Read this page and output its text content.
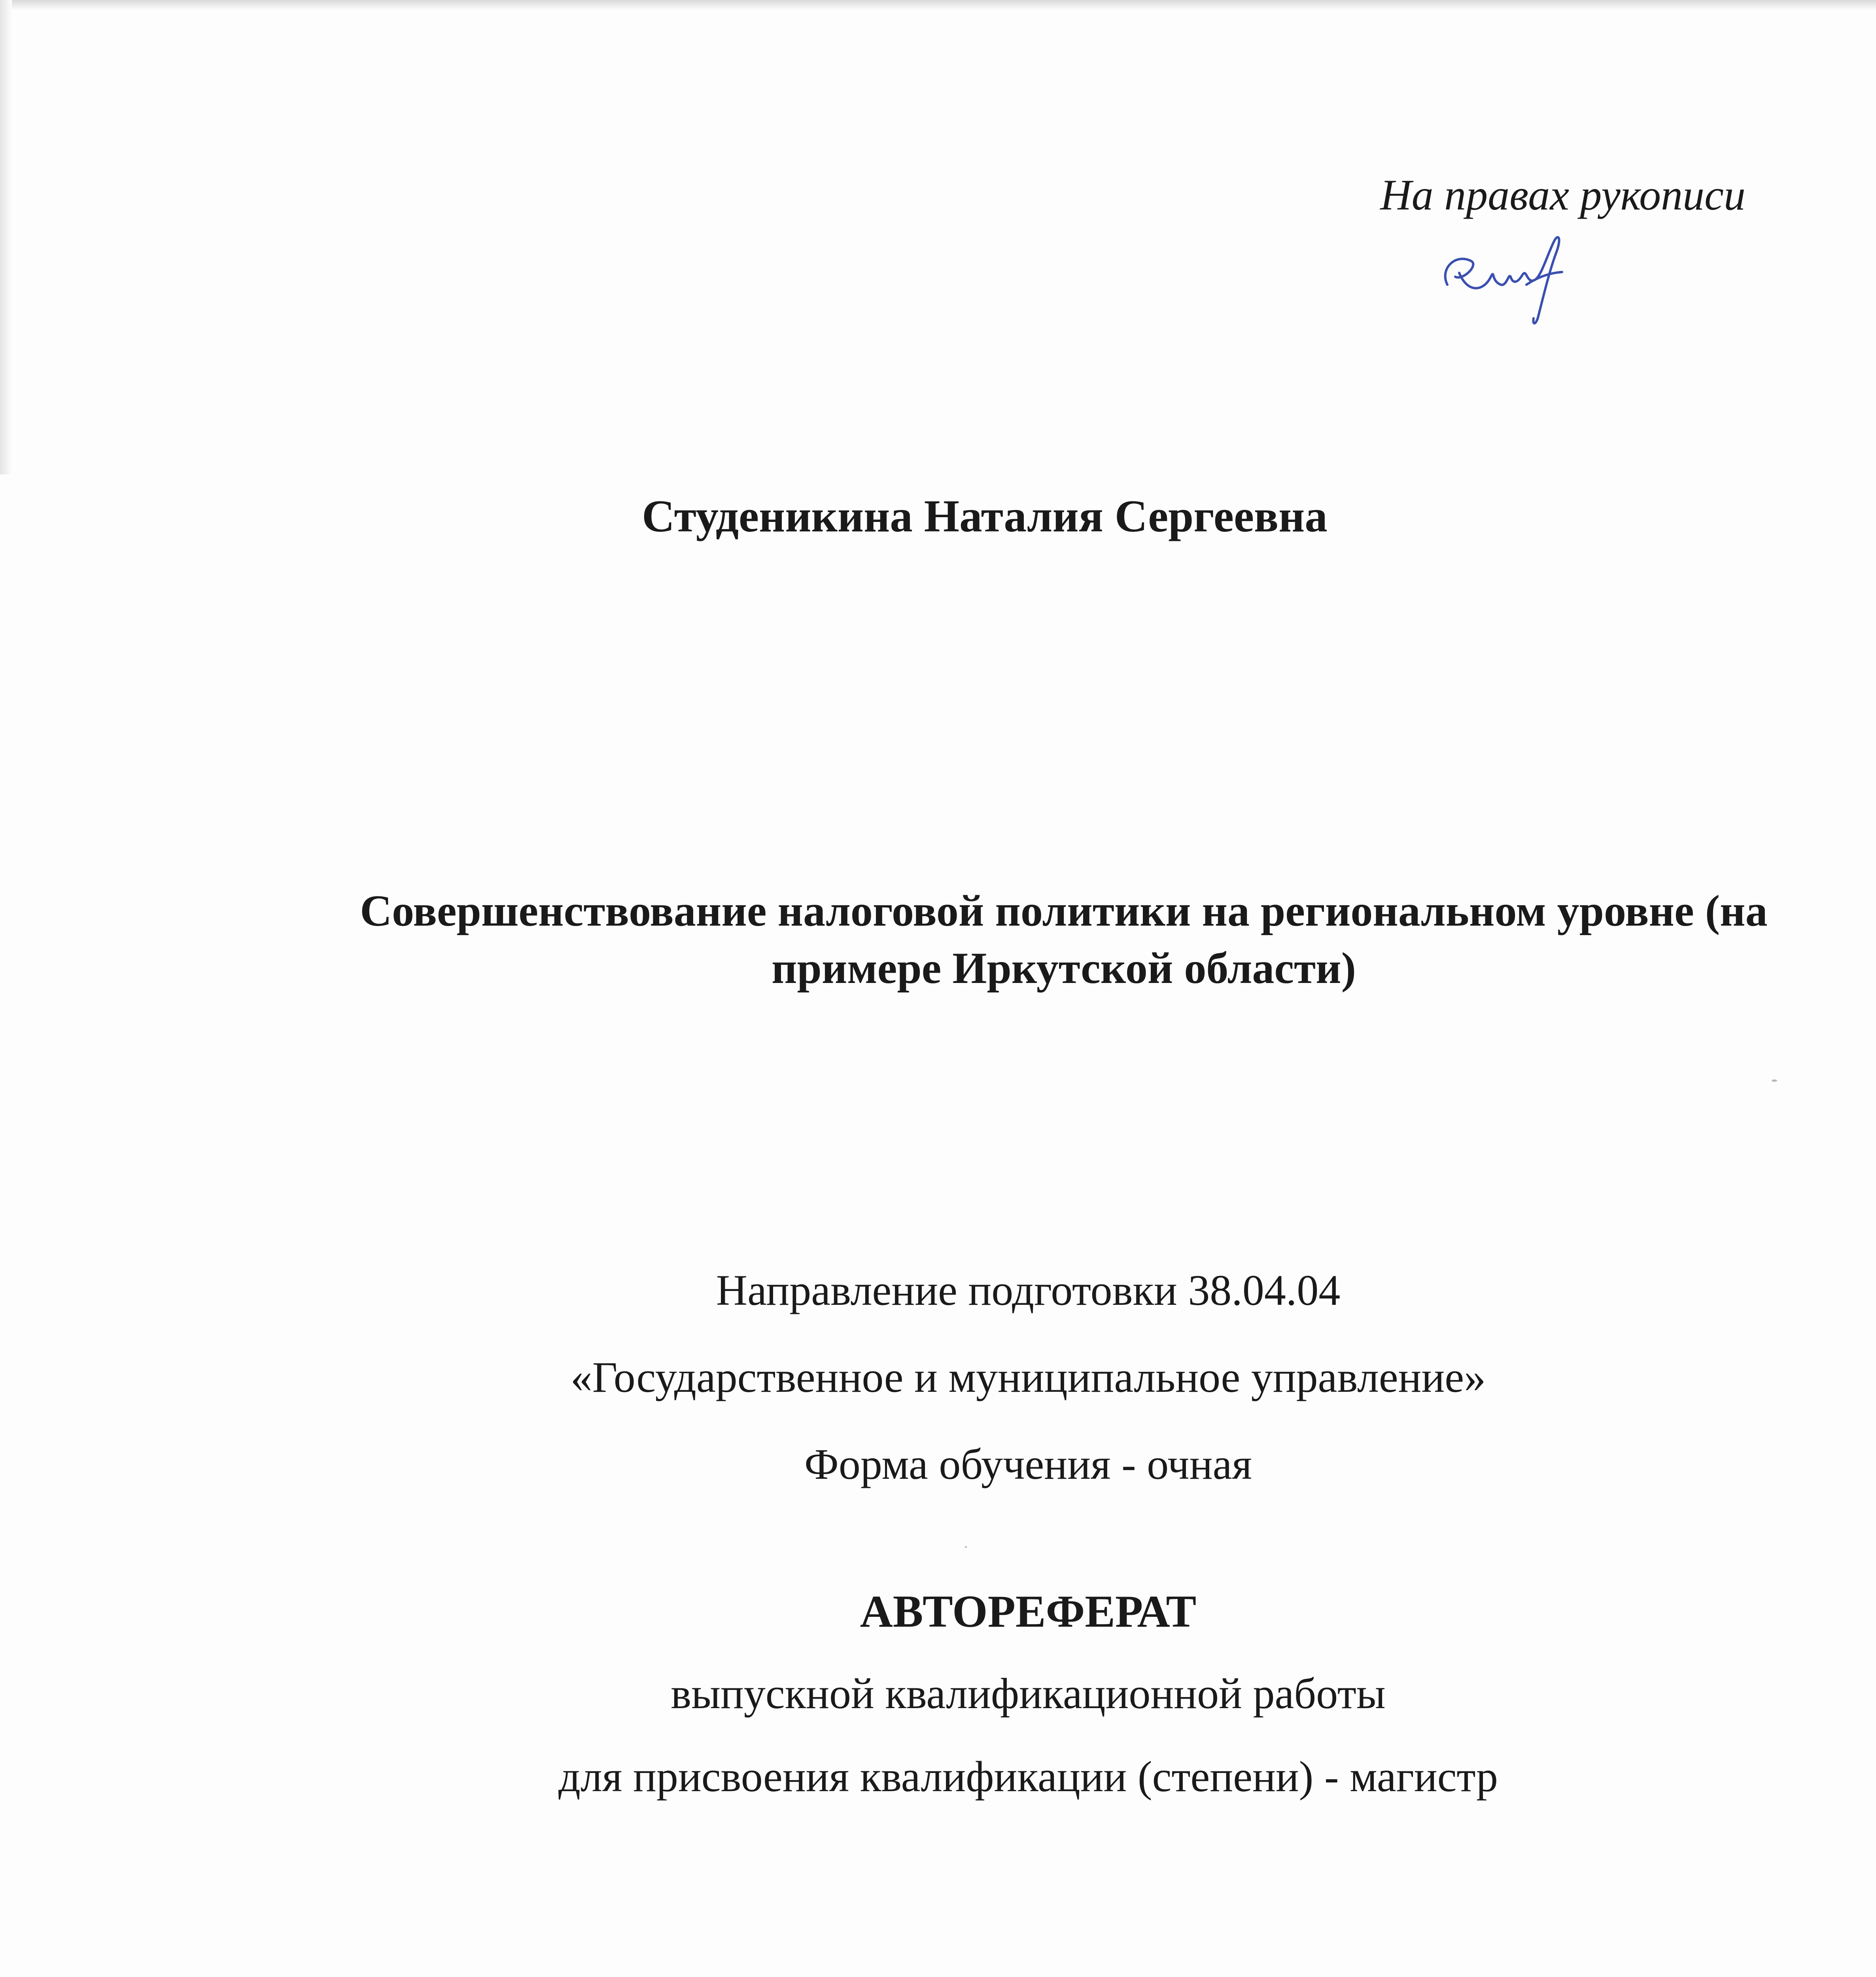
На правах рукописи
Студеникина Наталия Сергеевна
Совершенствование налоговой политики на региональном уровне (на
примере Иркутской области)
Направление подготовки 38.04.04
«Государственное и муниципальное управление»
Форма обучения - очная
АВТОРЕФЕРАТ
выпускной квалификационной работы
для присвоения квалификации (степени) - магистр
